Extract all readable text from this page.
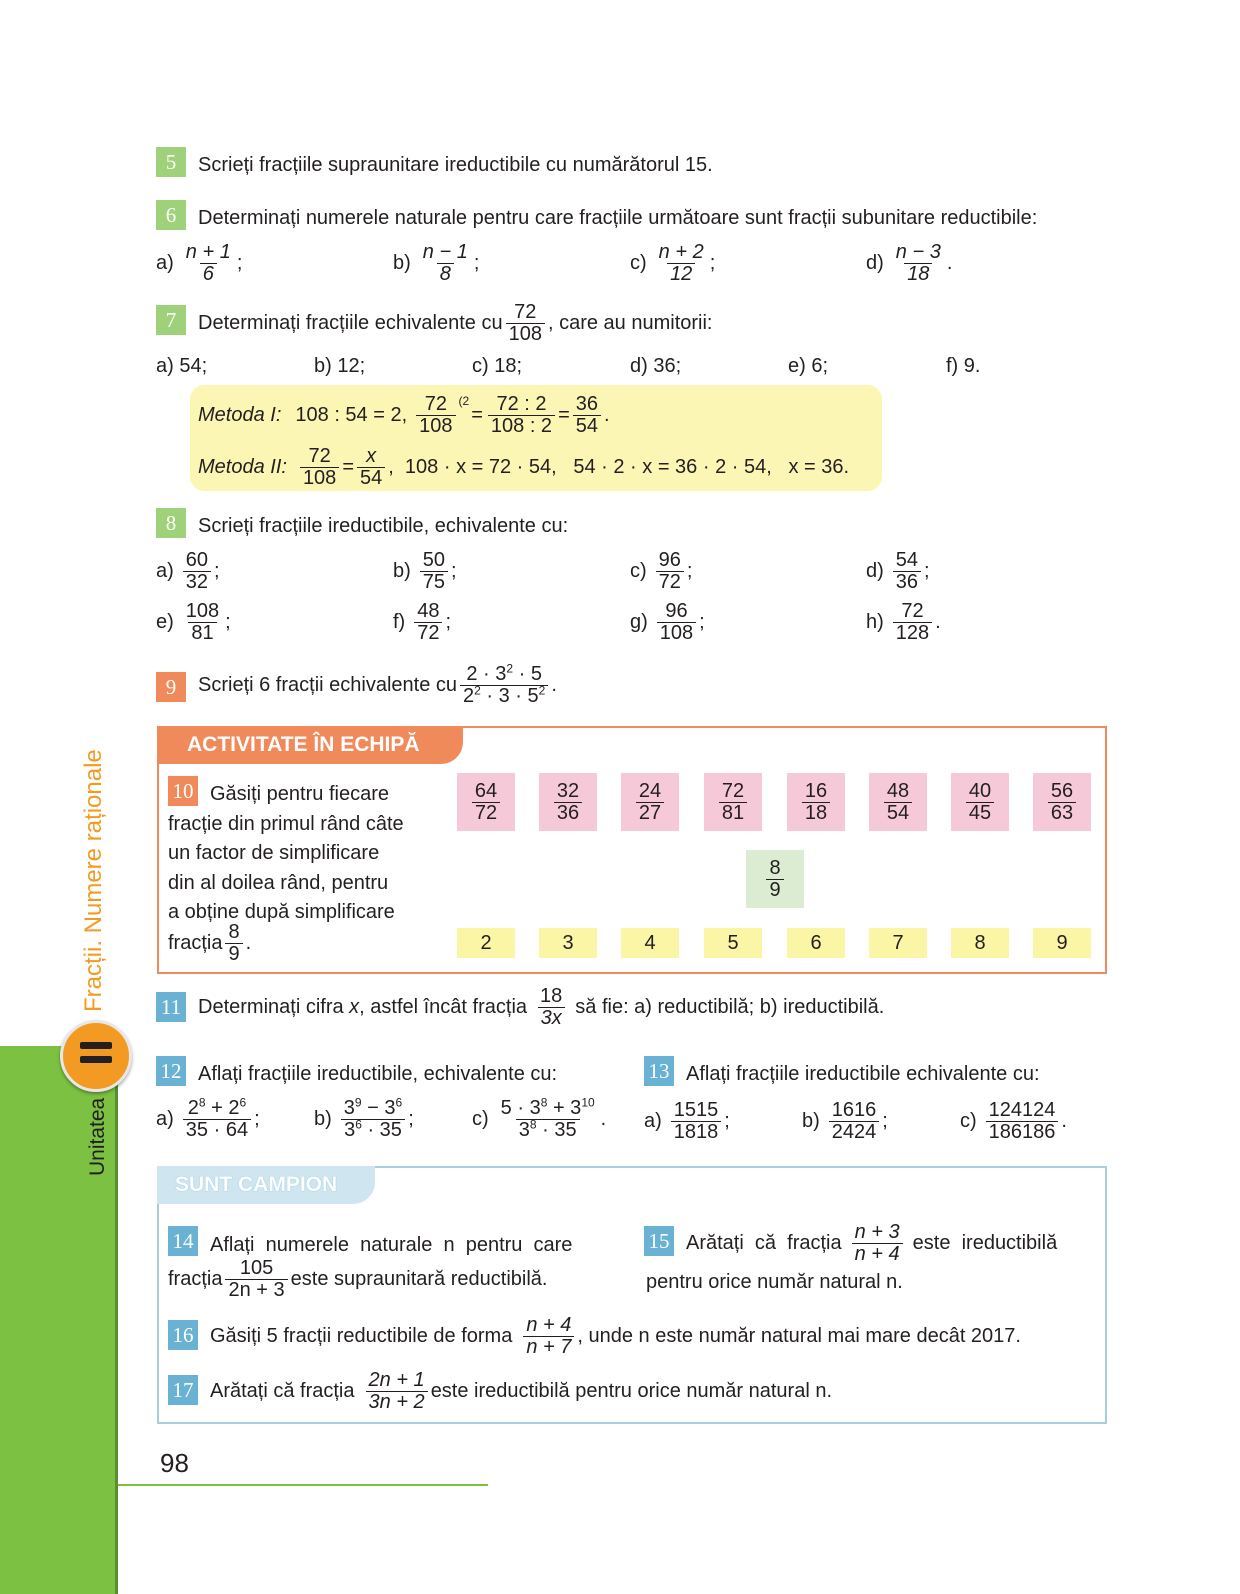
Fracții. Numere raționale
Unitatea
5	Scrieți fracțiile supraunitare ireductibile cu numărătorul 15.
6	Determinați numerele naturale pentru care fracțiile următoare sunt fracții subunitare reductibile:
$a) \frac{n + 1}{6}$ ;	$b) \frac{n - 1}{8}$ ;	$c) \frac{n + 2}{12}$ ;	$d) \frac{n - 3}{18}$ .
7	Determinați fracțiile echivalente cu $\frac{72}{108}$ , care au numitorii:
a) 54;	b) 12;	c) 18;	d) 36;	e) 6;	f) 9.
Metoda I: 108 : 54 = 2, $\frac{72}{108} (2$
= $\frac{72 : 2}{108 : 2} = \frac{36}{54}$ .
Metoda II: $\frac{72}{108} = \frac{x}{54}$ ,  108 · x = 72 · 54,   54 · 2 · x = 36 · 2 · 54,   x = 36.
8	Scrieți fracțiile ireductibile, echivalente cu:
$a) \frac{60}{32}$ ;	$b) \frac{50}{75}$ ;	$c) \frac{96}{72}$ ;	$d) \frac{54}{36}$ ;
$e) \frac{108}{81}$ ;	$f) \frac{48}{72}$ ;	$g) \frac{96}{108}$ ;	$h) \frac{72}{128}$ .
9	Scrieți 6 fracții echivalente cu $\frac{2 \cdot 3^2 \cdot 5}{2^2 \cdot 3 \cdot 5^2}$ .
ACTIVITATE ÎN ECHIPĂ
10 Găsiți pentru fiecare
fracție din primul rând câte
un factor de simplificare
din al doilea rând, pentru
a obține după simplificare
fracția $\frac{8}{9}$ .
$\frac{64}{72}$	$\frac{32}{36}$	$\frac{24}{27}$	$\frac{72}{81}$	$\frac{16}{18}$	$\frac{48}{54}$	$\frac{40}{45}$	$\frac{56}{63}$
$\frac{8}{9}$
2	3	4	5	6	7	8	9
11 Determinați cifra x , astfel încât fracția $\frac{18}{3x}$ să fie: a) reductibilă; b) ireductibilă.
12 Aflați fracțiile ireductibile, echivalente cu:
$a) \frac{2^8 + 2^6}{35 \cdot 64}$ ;	$b) \frac{3^9 - 3^6}{3^6 \cdot 35}$ ;	$c) \frac{5 \cdot 3^8 + 3^{10}}{3^8 \cdot 35}$ .
13 Aflați fracțiile ireductibile echivalente cu:
$a) \frac{1515}{1818}$ ;	$b) \frac{1616}{2424}$ ;	$c) \frac{124124}{186186}$ .
SUNT CAMPION
14 Aflați  numerele  naturale  n  pentru  care
fracția $\frac{105}{2n + 3}$ este supraunitară reductibilă.
15 Arătați  că  fracția $\frac{n + 3}{n + 4}$ este  ireductibilă
pentru orice număr natural n.
16 Găsiți 5 fracții reductibile de forma $\frac{n + 4}{n + 7}$ , unde n este număr natural mai mare decât 2017.
17 Arătați că fracția $\frac{2n + 1}{3n + 2}$ este ireductibilă pentru orice număr natural n.
98
